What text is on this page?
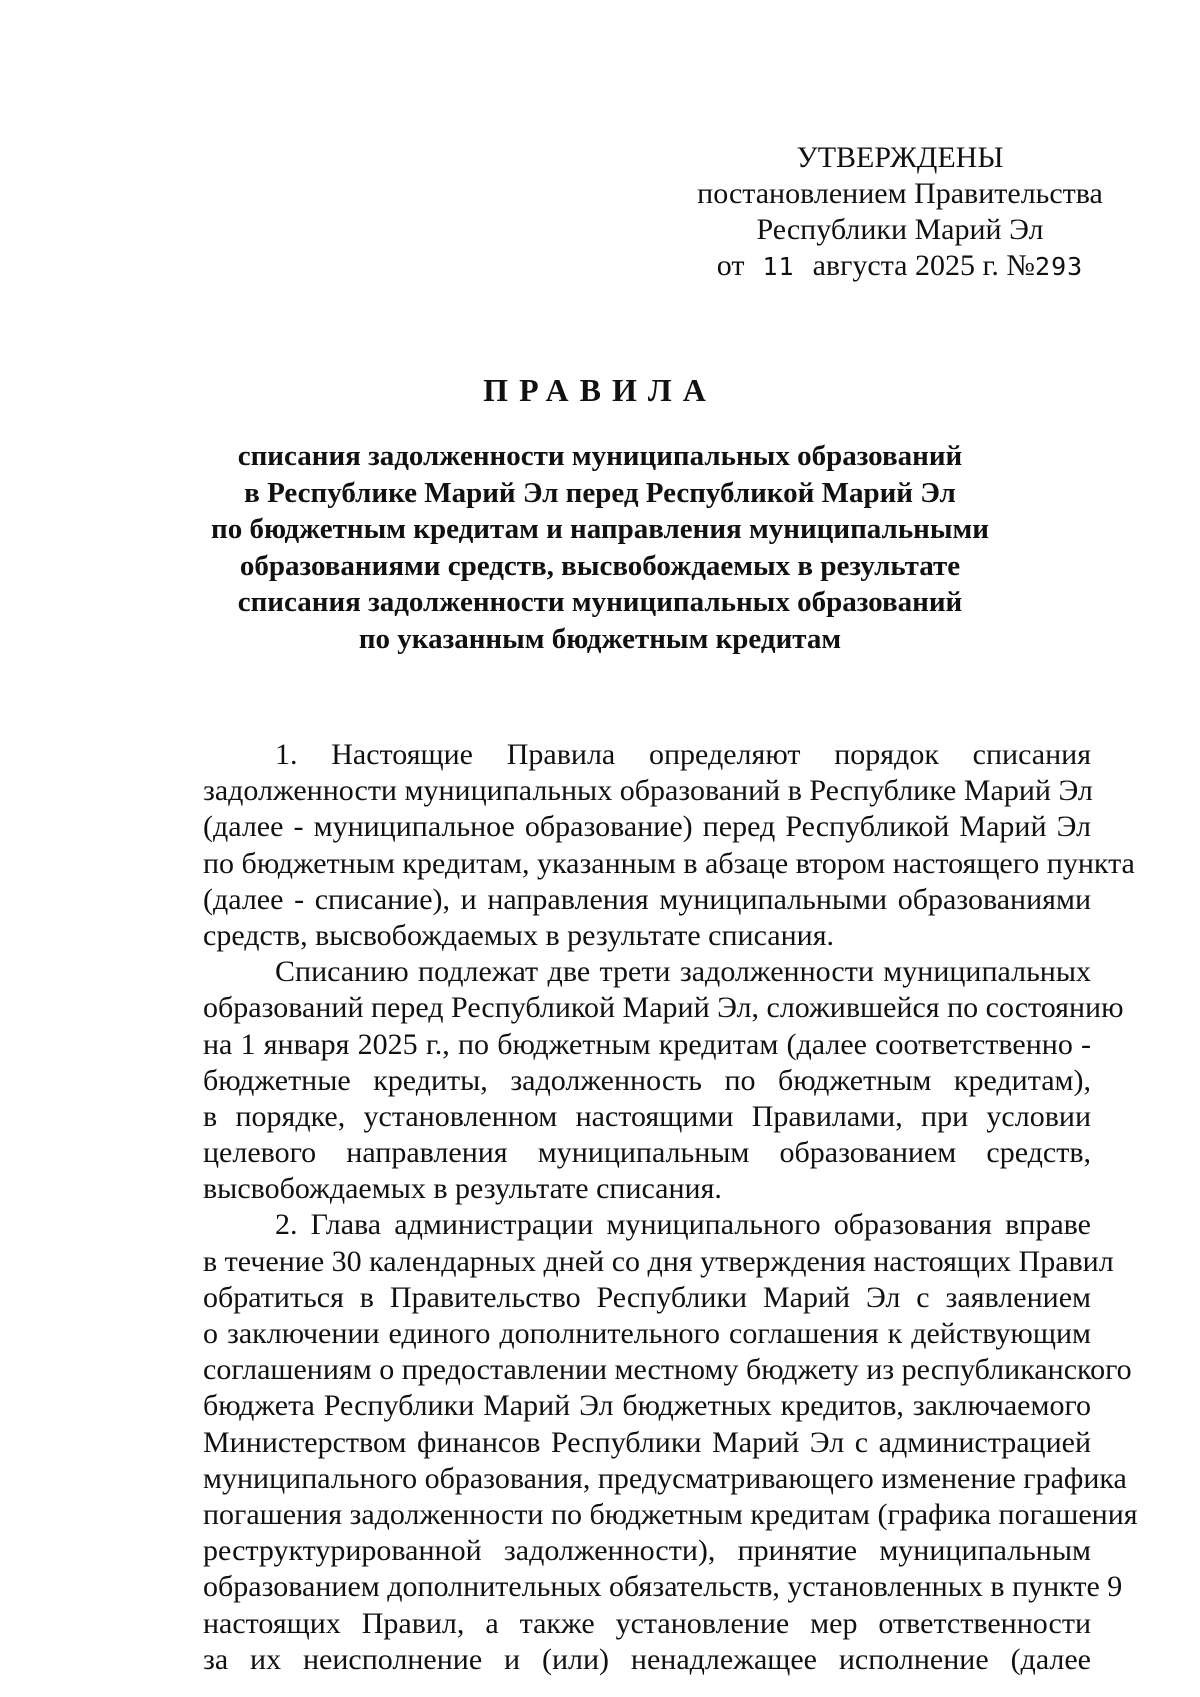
УТВЕРЖДЕНЫ
постановлением Правительства
Республики Марий Эл
от 11 августа 2025 г. №293
ПРАВИЛА
списания задолженности муниципальных образований
в Республике Марий Эл перед Республикой Марий Эл
по бюджетным кредитам и направления муниципальными
образованиями средств, высвобождаемых в результате
списания задолженности муниципальных образований
по указанным бюджетным кредитам
1. Настоящие Правила определяют порядок списания
задолженности муниципальных образований в Республике Марий Эл
(далее - муниципальное образование) перед Республикой Марий Эл
по бюджетным кредитам, указанным в абзаце втором настоящего пункта
(далее - списание), и направления муниципальными образованиями
средств, высвобождаемых в результате списания.
Списанию подлежат две трети задолженности муниципальных
образований перед Республикой Марий Эл, сложившейся по состоянию
на 1 января 2025 г., по бюджетным кредитам (далее соответственно -
бюджетные кредиты, задолженность по бюджетным кредитам),
в порядке, установленном настоящими Правилами, при условии
целевого направления муниципальным образованием средств,
высвобождаемых в результате списания.
2. Глава администрации муниципального образования вправе
в течение 30 календарных дней со дня утверждения настоящих Правил
обратиться в Правительство Республики Марий Эл с заявлением
о заключении единого дополнительного соглашения к действующим
соглашениям о предоставлении местному бюджету из республиканского
бюджета Республики Марий Эл бюджетных кредитов, заключаемого
Министерством финансов Республики Марий Эл с администрацией
муниципального образования, предусматривающего изменение графика
погашения задолженности по бюджетным кредитам (графика погашения
реструктурированной задолженности), принятие муниципальным
образованием дополнительных обязательств, установленных в пункте 9
настоящих Правил, а также установление мер ответственности
за их неисполнение и (или) ненадлежащее исполнение (далее
